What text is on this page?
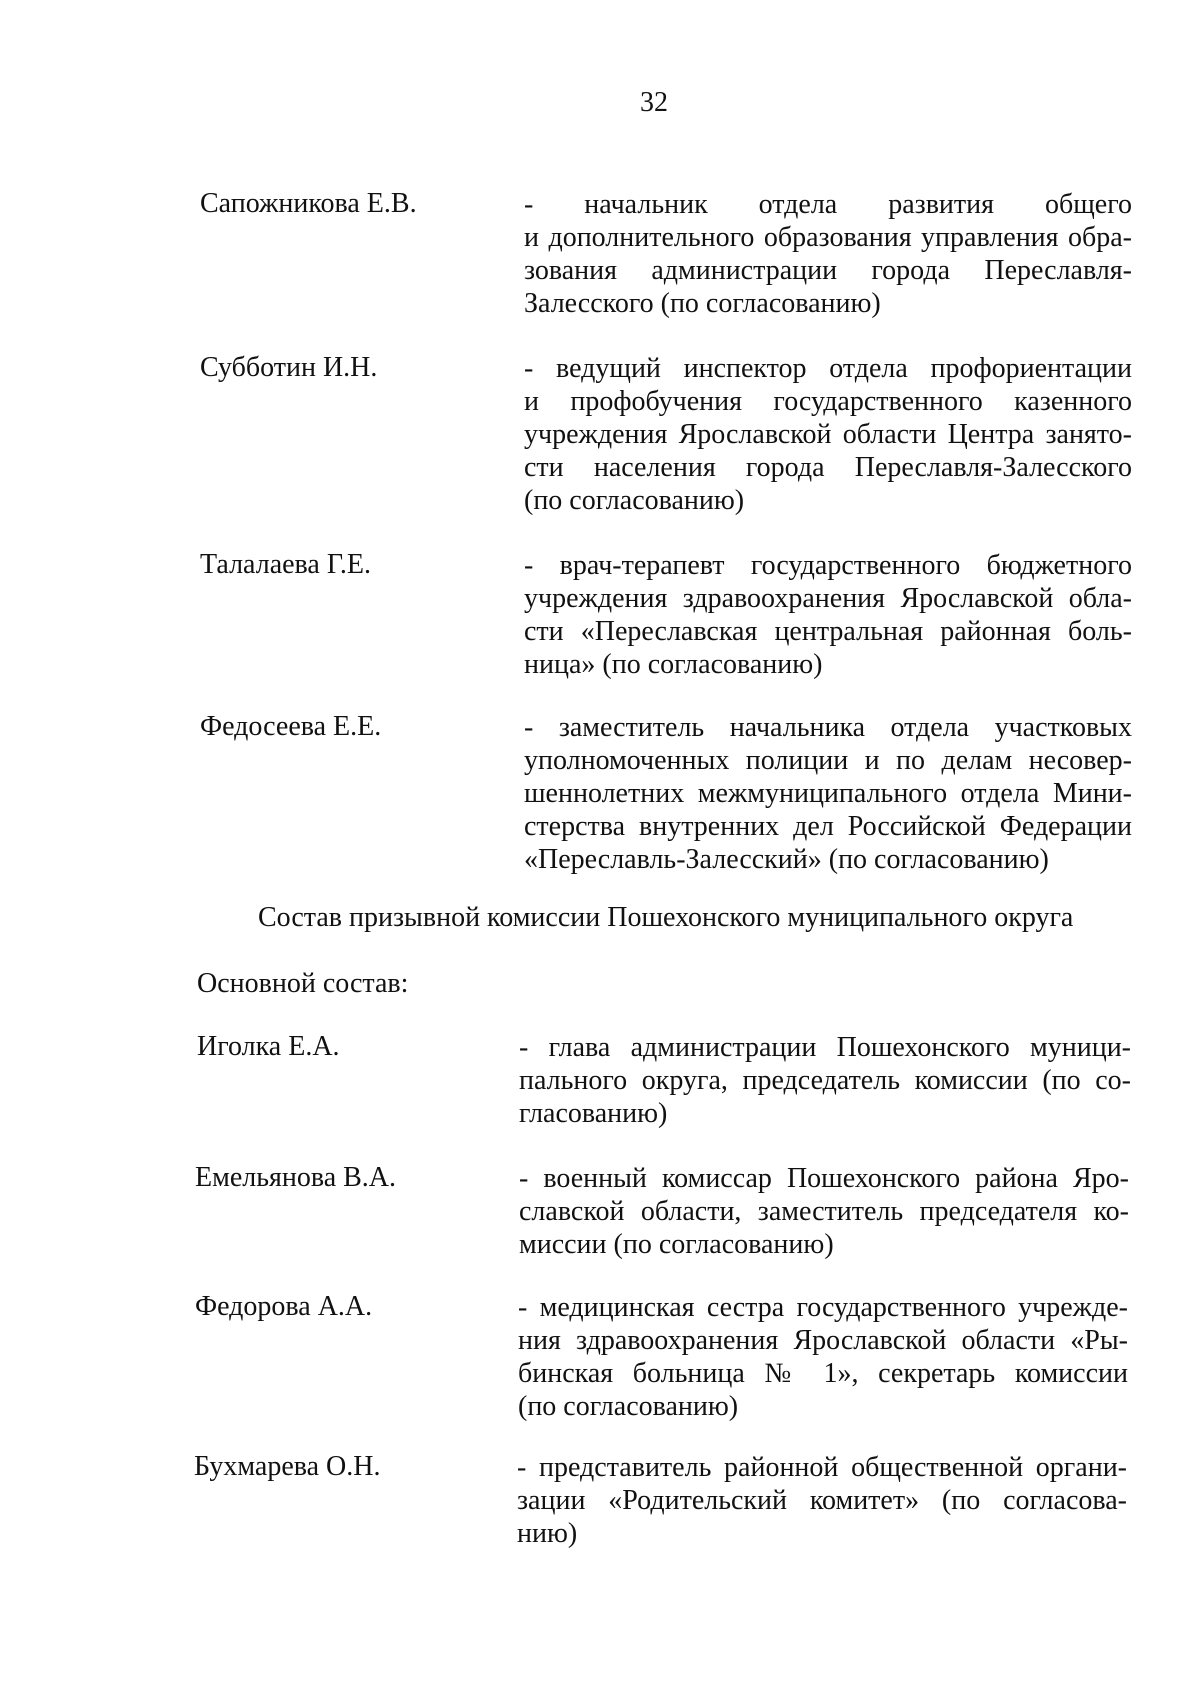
32
Сапожникова Е.В.	- начальник отдела развития общего
и дополнительного образования управления обра-
зования администрации города Переславля-
Залесского (по согласованию)
Субботин И.Н.	- ведущий инспектор отдела профориентации
и профобучения государственного казенного
учреждения Ярославской области Центра занято-
сти населения города Переславля-Залесского
(по согласованию)
Талалаева Г.Е.	- врач-терапевт государственного бюджетного
учреждения здравоохранения Ярославской обла-
сти «Переславская центральная районная боль-
ница» (по согласованию)
Федосеева Е.Е.	- заместитель начальника отдела участковых
уполномоченных полиции и по делам несовер-
шеннолетних межмуниципального отдела Мини-
стерства внутренних дел Российской Федерации
«Переславль-Залесский» (по согласованию)
Состав призывной комиссии Пошехонского муниципального округа
Основной состав:
Иголка Е.А.	- глава администрации Пошехонского муници-
пального округа, председатель комиссии (по со-
гласованию)
Емельянова В.А.	- военный комиссар Пошехонского района Яро-
славской области, заместитель председателя ко-
миссии (по согласованию)
Федорова А.А.	- медицинская сестра государственного учрежде-
ния здравоохранения Ярославской области «Ры-
бинская больница № 1», секретарь комиссии
(по согласованию)
Бухмарева О.Н.	- представитель районной общественной органи-
зации «Родительский комитет» (по согласова-
нию)
